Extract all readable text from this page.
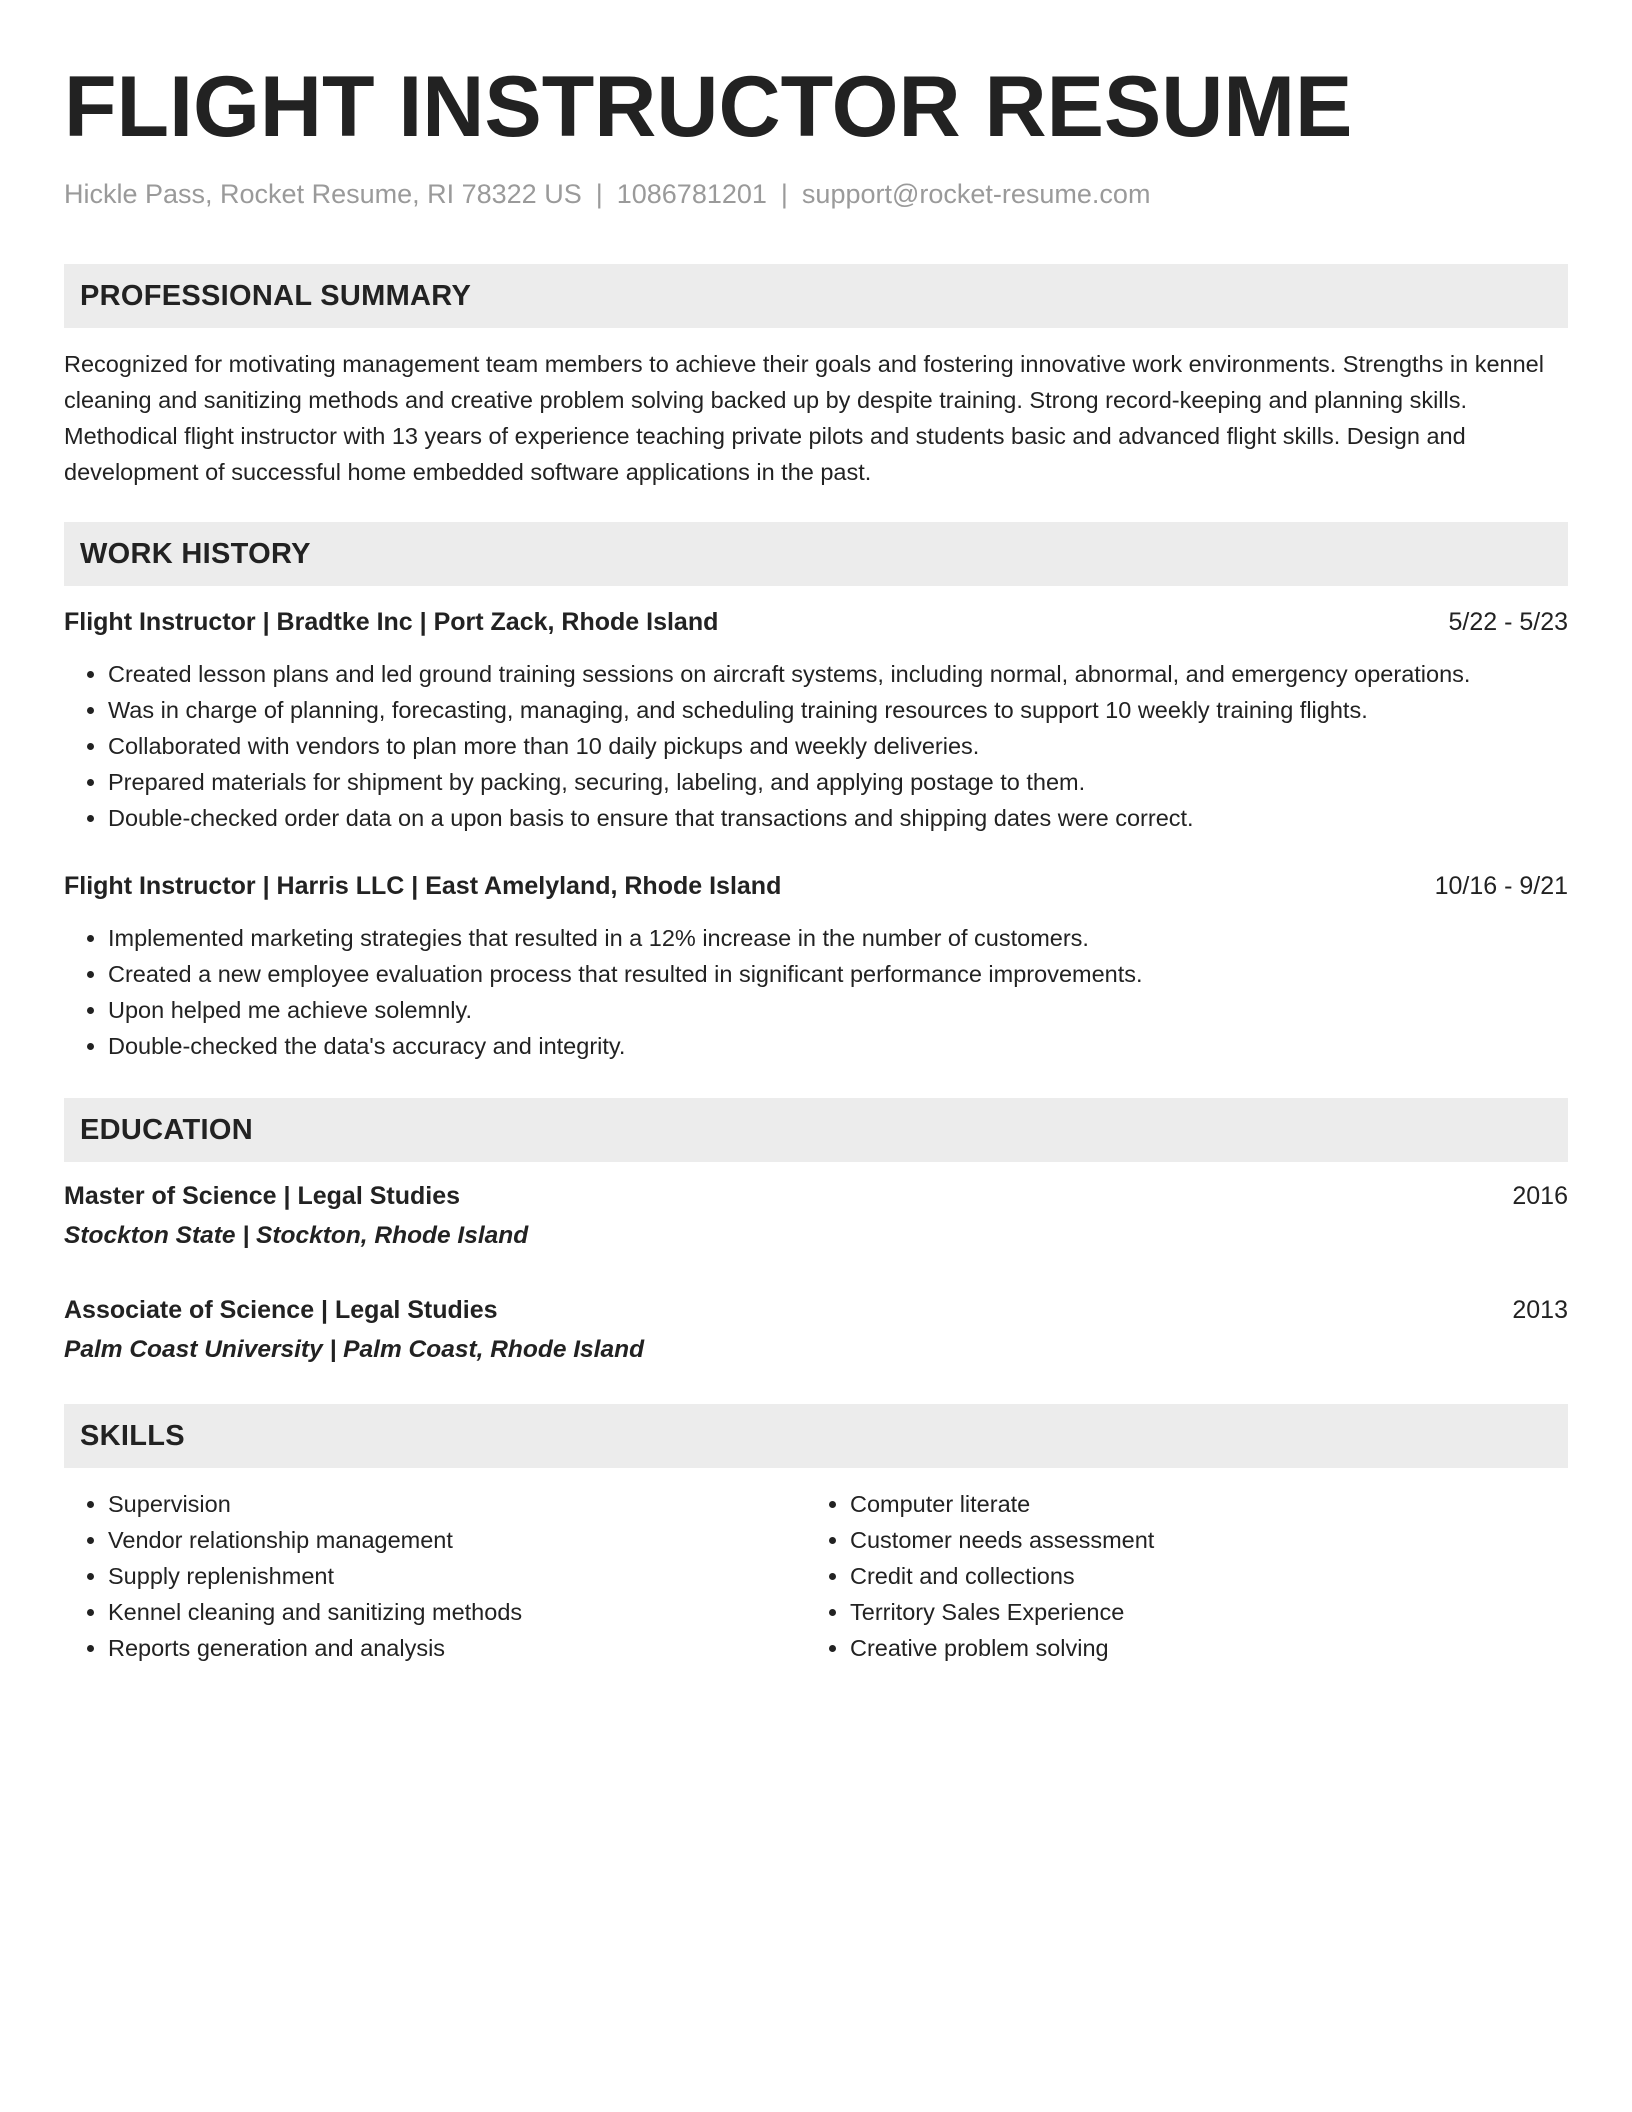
FLIGHT INSTRUCTOR RESUME
Hickle Pass, Rocket Resume, RI 78322 US | 1086781201 | support@rocket-resume.com
PROFESSIONAL SUMMARY

Recognized for motivating management team members to achieve their goals and fostering innovative work environments. Strengths in kennel cleaning and sanitizing methods and creative problem solving backed up by despite training. Strong record-keeping and planning skills. Methodical flight instructor with 13 years of experience teaching private pilots and students basic and advanced flight skills. Design and development of successful home embedded software applications in the past.

WORK HISTORY
Flight Instructor | Bradtke Inc | Port Zack, Rhode Island	5/22 - 5/23
• Created lesson plans and led ground training sessions on aircraft systems, including normal, abnormal, and emergency operations.
• Was in charge of planning, forecasting, managing, and scheduling training resources to support 10 weekly training flights.
• Collaborated with vendors to plan more than 10 daily pickups and weekly deliveries.
• Prepared materials for shipment by packing, securing, labeling, and applying postage to them.
• Double-checked order data on a upon basis to ensure that transactions and shipping dates were correct.
Flight Instructor | Harris LLC | East Amelyland, Rhode Island	10/16 - 9/21
• Implemented marketing strategies that resulted in a 12% increase in the number of customers.
• Created a new employee evaluation process that resulted in significant performance improvements.
• Upon helped me achieve solemnly.
• Double-checked the data's accuracy and integrity.
EDUCATION
Master of Science | Legal Studies	2016
Stockton State | Stockton, Rhode Island
Associate of Science | Legal Studies	2013
Palm Coast University | Palm Coast, Rhode Island
SKILLS
• Supervision
• Vendor relationship management
• Supply replenishment
• Kennel cleaning and sanitizing methods
• Reports generation and analysis
• Computer literate
• Customer needs assessment
• Credit and collections
• Territory Sales Experience
• Creative problem solving
